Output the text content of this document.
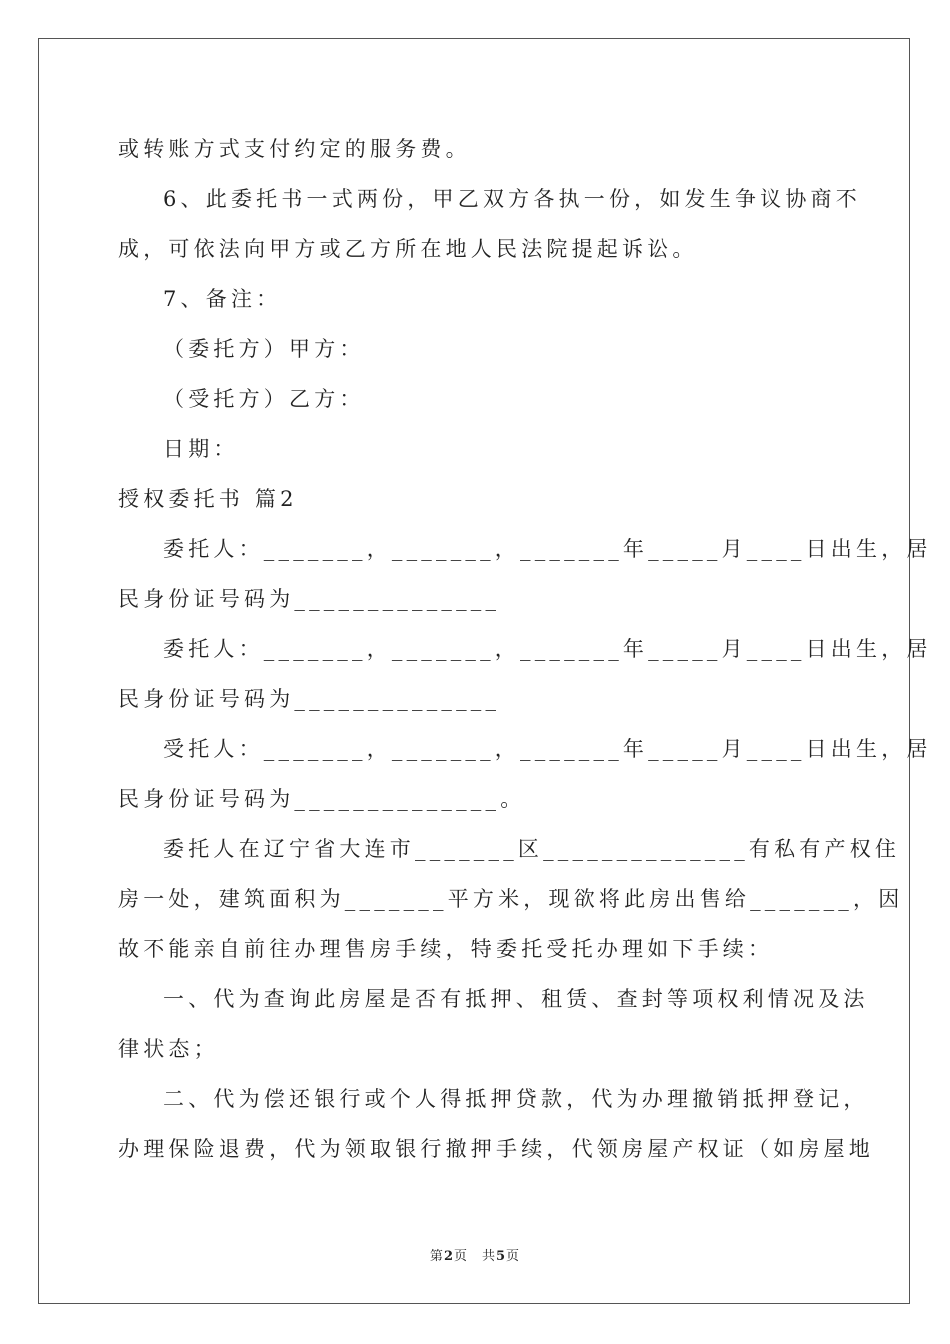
或转账方式支付约定的服务费。
6、此委托书一式两份，甲乙双方各执一份，如发生争议协商不
成，可依法向甲方或乙方所在地人民法院提起诉讼。
7、备注：
（委托方）甲方：
（受托方）乙方：
日期：
授权委托书 篇2
委托人：_______，_______，_______年_____月____日出生，居
民身份证号码为______________
委托人：_______，_______，_______年_____月____日出生，居
民身份证号码为______________
受托人：_______，_______，_______年_____月____日出生，居
民身份证号码为______________。
委托人在辽宁省大连市_______区______________有私有产权住
房一处，建筑面积为_______平方米，现欲将此房出售给_______，因
故不能亲自前往办理售房手续，特委托受托办理如下手续：
一、代为查询此房屋是否有抵押、租赁、查封等项权利情况及法
律状态；
二、代为偿还银行或个人得抵押贷款，代为办理撤销抵押登记，
办理保险退费，代为领取银行撤押手续，代领房屋产权证（如房屋地
第2页　共5页
